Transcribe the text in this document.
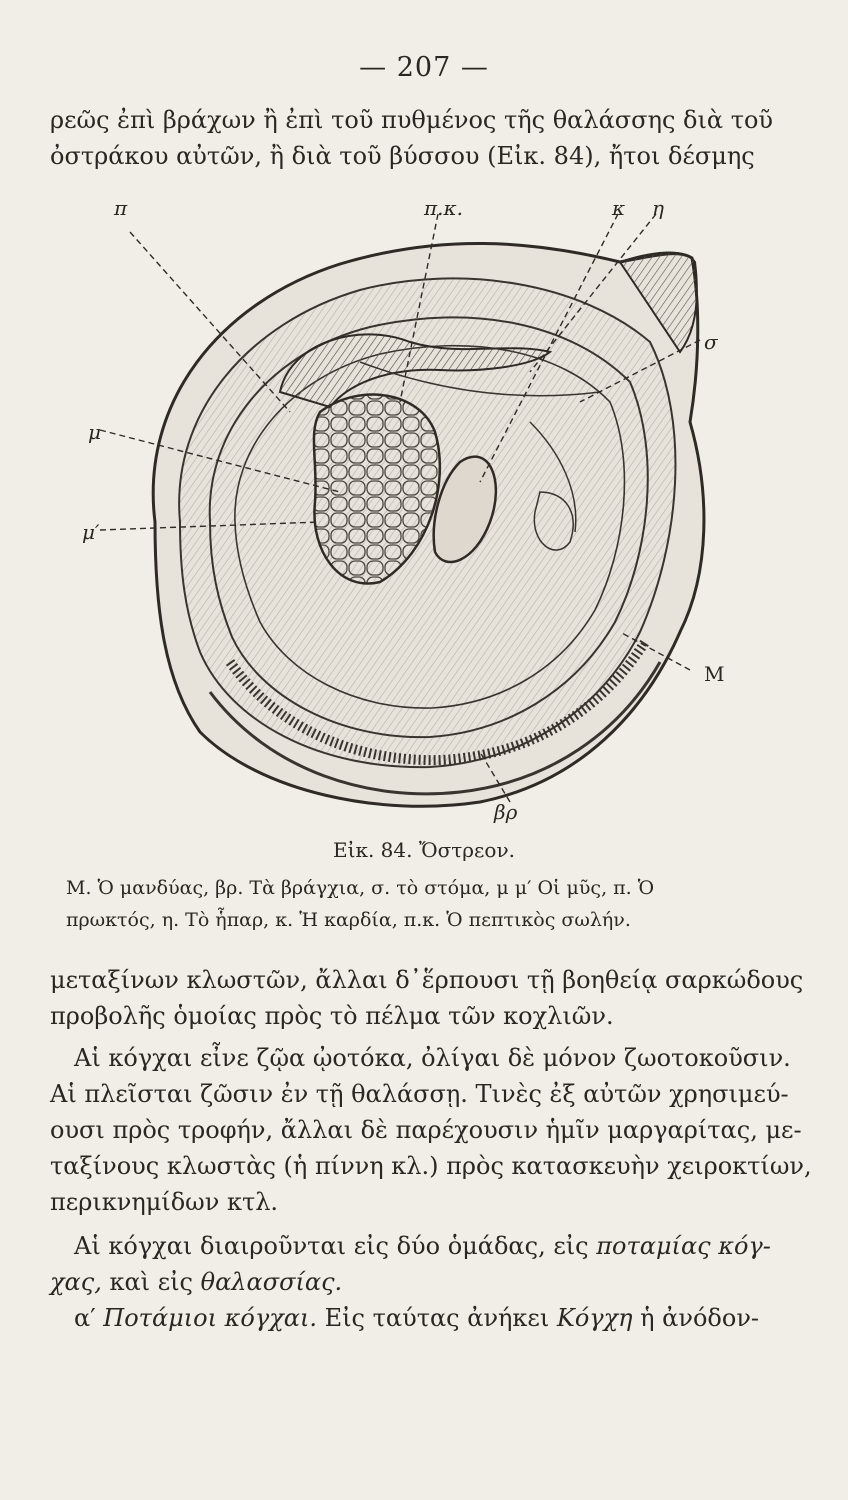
— 207 —

ρεῶς ἐπὶ βράχων ἢ ἐπὶ τοῦ πυθμένος τῆς θαλάσσης διὰ τοῦ
ὀστράκου αὐτῶν, ἢ διὰ τοῦ βύσσου (Εἰκ. 84), ἤτοι δέσμης

π	π.κ.	κ η
σ
μ
μ′
Μ
βρ
Εἰκ. 84. Ὄστρεον.

Μ. Ὁ μανδύας, βρ. Τὰ βράγχια, σ. τὸ στόμα, μ μ′ Οἱ μῦς, π. Ὁ
πρωκτός, η. Τὸ ἧπαρ, κ. Ἡ καρδία, π.κ. Ὁ πεπτικὸς σωλήν.

μεταξίνων κλωστῶν, ἄλλαι δ᾽ἕρπουσι τῇ βοηθείᾳ σαρκώδους
προβολῆς ὁμοίας πρὸς τὸ πέλμα τῶν κοχλιῶν.

Αἱ κόγχαι εἶνε ζῷα ᾠοτόκα, ὀλίγαι δὲ μόνον ζωοτοκοῦσιν.
Αἱ πλεῖσται ζῶσιν ἐν τῇ θαλάσσῃ. Τινὲς ἐξ αὐτῶν χρησιμεύ-
ουσι πρὸς τροφήν, ἄλλαι δὲ παρέχουσιν ἡμῖν μαργαρίτας, με-
ταξίνους κλωστὰς (ἡ πίννη κλ.) πρὸς κατασκευὴν χειροκτίων,
περικνημίδων κτλ.

Αἱ κόγχαι διαιροῦνται εἰς δύο ὁμάδας, εἰς ποταμίας κόγ-
χας, καὶ εἰς θαλασσίας.

α′ Ποτάμιοι κόγχαι. Εἰς ταύτας ἀνήκει Κόγχη ἡ ἀνόδον-
